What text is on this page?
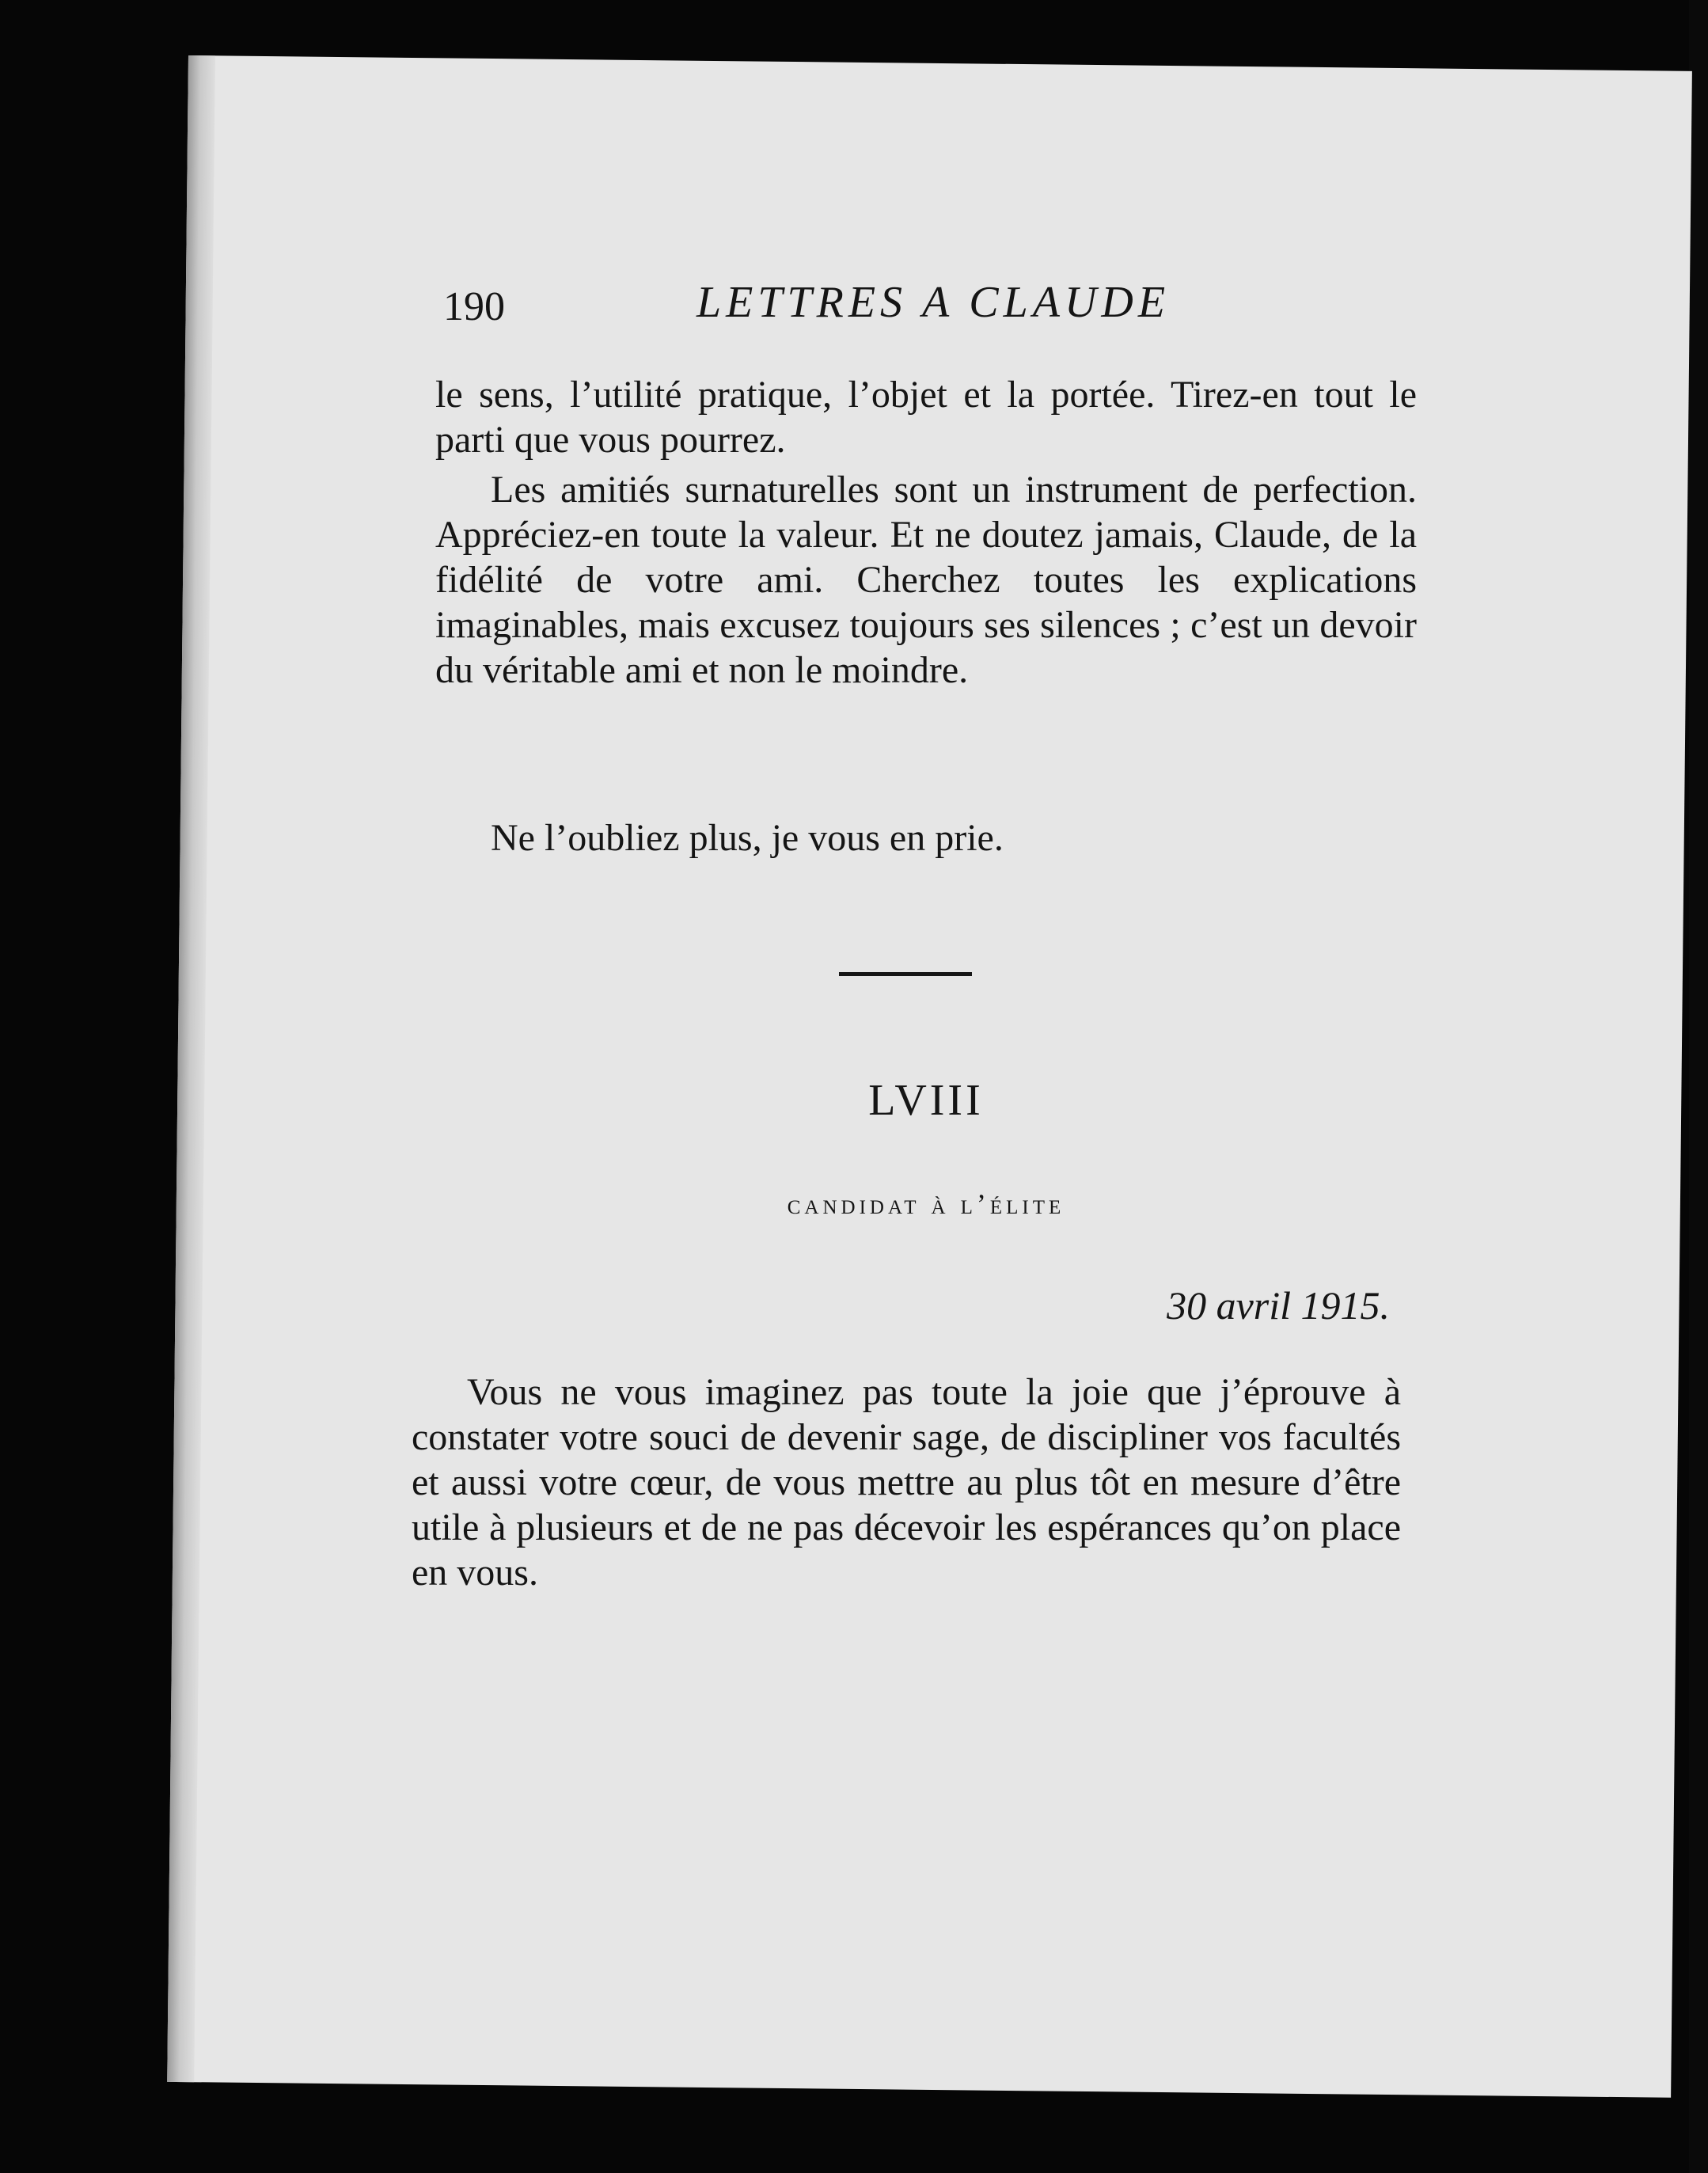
190	LETTRES A CLAUDE

le sens, l’utilité pratique, l’objet et la portée. Tirez-en tout le parti que vous pourrez.

Les amitiés surnaturelles sont un instrument de perfection. Appréciez-en toute la valeur. Et ne doutez jamais, Claude, de la fidélité de votre ami. Cherchez toutes les explications imaginables, mais excusez toujours ses silences ; c’est un devoir du véritable ami et non le moindre.

Ne l’oubliez plus, je vous en prie.

LVIII
candidat à l’élite
30 avril 1915.

Vous ne vous imaginez pas toute la joie que j’éprouve à constater votre souci de devenir sage, de discipliner vos facultés et aussi votre cœur, de vous mettre au plus tôt en mesure d’être utile à plusieurs et de ne pas décevoir les espérances qu’on place en vous.
